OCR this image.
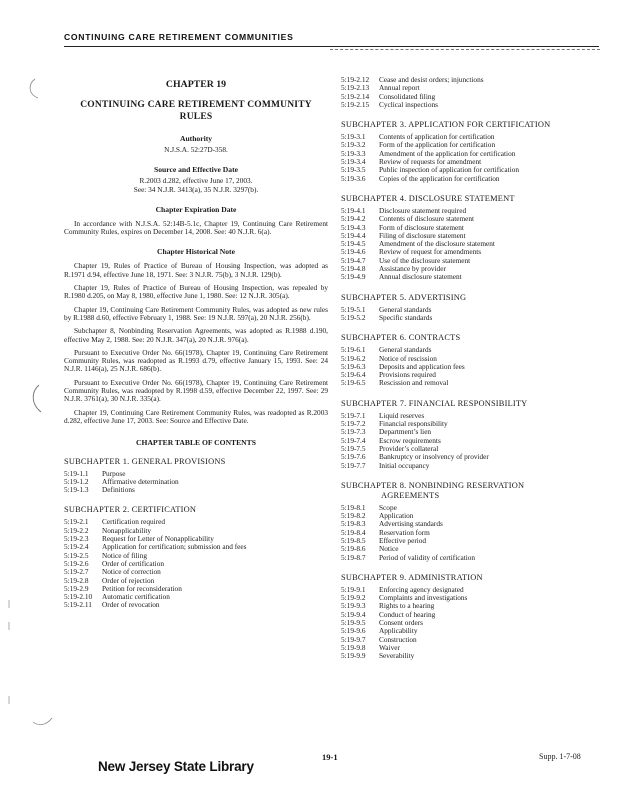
CONTINUING CARE RETIREMENT COMMUNITIES
CHAPTER 19
CONTINUING CARE RETIREMENT COMMUNITY
RULES
Authority
N.J.S.A. 52:27D-358.
Source and Effective Date
R.2003 d.282, effective June 17, 2003.
See: 34 N.J.R. 3413(a), 35 N.J.R. 3297(b).
Chapter Expiration Date
In accordance with N.J.S.A. 52:14B-5.1c, Chapter 19, Continuing Care Retirement Community Rules, expires on December 14, 2008. See: 40 N.J.R. 6(a).
Chapter Historical Note
Chapter 19, Rules of Practice of Bureau of Housing Inspection, was adopted as R.1971 d.94, effective June 18, 1971. See: 3 N.J.R. 75(b), 3 N.J.R. 129(b).
Chapter 19, Rules of Practice of Bureau of Housing Inspection, was repealed by R.1980 d.205, on May 8, 1980, effective June 1, 1980. See: 12 N.J.R. 305(a).
Chapter 19, Continuing Care Retirement Community Rules, was adopted as new rules by R.1988 d.60, effective February 1, 1988. See: 19 N.J.R. 597(a), 20 N.J.R. 256(b).
Subchapter 8, Nonbinding Reservation Agreements, was adopted as R.1988 d.190, effective May 2, 1988. See: 20 N.J.R. 347(a), 20 N.J.R. 976(a).
Pursuant to Executive Order No. 66(1978), Chapter 19, Continuing Care Retirement Community Rules, was readopted as R.1993 d.79, effective January 15, 1993. See: 24 N.J.R. 1146(a), 25 N.J.R. 686(b).
Pursuant to Executive Order No. 66(1978), Chapter 19, Continuing Care Retirement Community Rules, was readopted by R.1998 d.59, effective December 22, 1997. See: 29 N.J.R. 3761(a), 30 N.J.R. 335(a).
Chapter 19, Continuing Care Retirement Community Rules, was readopted as R.2003 d.282, effective June 17, 2003. See: Source and Effective Date.
CHAPTER TABLE OF CONTENTS
SUBCHAPTER 1. GENERAL PROVISIONS
5:19-1.1	Purpose
5:19-1.2	Affirmative determination
5:19-1.3	Definitions
SUBCHAPTER 2. CERTIFICATION
5:19-2.1	Certification required
5:19-2.2	Nonapplicability
5:19-2.3	Request for Letter of Nonapplicability
5:19-2.4	Application for certification; submission and fees
5:19-2.5	Notice of filing
5:19-2.6	Order of certification
5:19-2.7	Notice of correction
5:19-2.8	Order of rejection
5:19-2.9	Petition for reconsideration
5:19-2.10	Automatic certification
5:19-2.11	Order of revocation
5:19-2.12	Cease and desist orders; injunctions
5:19-2.13	Annual report
5:19-2.14	Consolidated filing
5:19-2.15	Cyclical inspections
SUBCHAPTER 3. APPLICATION FOR CERTIFICATION
5:19-3.1	Contents of application for certification
5:19-3.2	Form of the application for certification
5:19-3.3	Amendment of the application for certification
5:19-3.4	Review of requests for amendment
5:19-3.5	Public inspection of application for certification
5:19-3.6	Copies of the application for certification
SUBCHAPTER 4. DISCLOSURE STATEMENT
5:19-4.1	Disclosure statement required
5:19-4.2	Contents of disclosure statement
5:19-4.3	Form of disclosure statement
5:19-4.4	Filing of disclosure statement
5:19-4.5	Amendment of the disclosure statement
5:19-4.6	Review of request for amendments
5:19-4.7	Use of the disclosure statement
5:19-4.8	Assistance by provider
5:19-4.9	Annual disclosure statement
SUBCHAPTER 5. ADVERTISING
5:19-5.1	General standards
5:19-5.2	Specific standards
SUBCHAPTER 6. CONTRACTS
5:19-6.1	General standards
5:19-6.2	Notice of rescission
5:19-6.3	Deposits and application fees
5:19-6.4	Provisions required
5:19-6.5	Rescission and removal
SUBCHAPTER 7. FINANCIAL RESPONSIBILITY
5:19-7.1	Liquid reserves
5:19-7.2	Financial responsibility
5:19-7.3	Department’s lien
5:19-7.4	Escrow requirements
5:19-7.5	Provider’s collateral
5:19-7.6	Bankruptcy or insolvency of provider
5:19-7.7	Initial occupancy
SUBCHAPTER 8. NONBINDING RESERVATION
AGREEMENTS
5:19-8.1	Scope
5:19-8.2	Application
5:19-8.3	Advertising standards
5:19-8.4	Reservation form
5:19-8.5	Effective period
5:19-8.6	Notice
5:19-8.7	Period of validity of certification
SUBCHAPTER 9. ADMINISTRATION
5:19-9.1	Enforcing agency designated
5:19-9.2	Complaints and investigations
5:19-9.3	Rights to a hearing
5:19-9.4	Conduct of hearing
5:19-9.5	Consent orders
5:19-9.6	Applicability
5:19-9.7	Construction
5:19-9.8	Waiver
5:19-9.9	Severability
19-1	Supp. 1-7-08
New Jersey State Library
